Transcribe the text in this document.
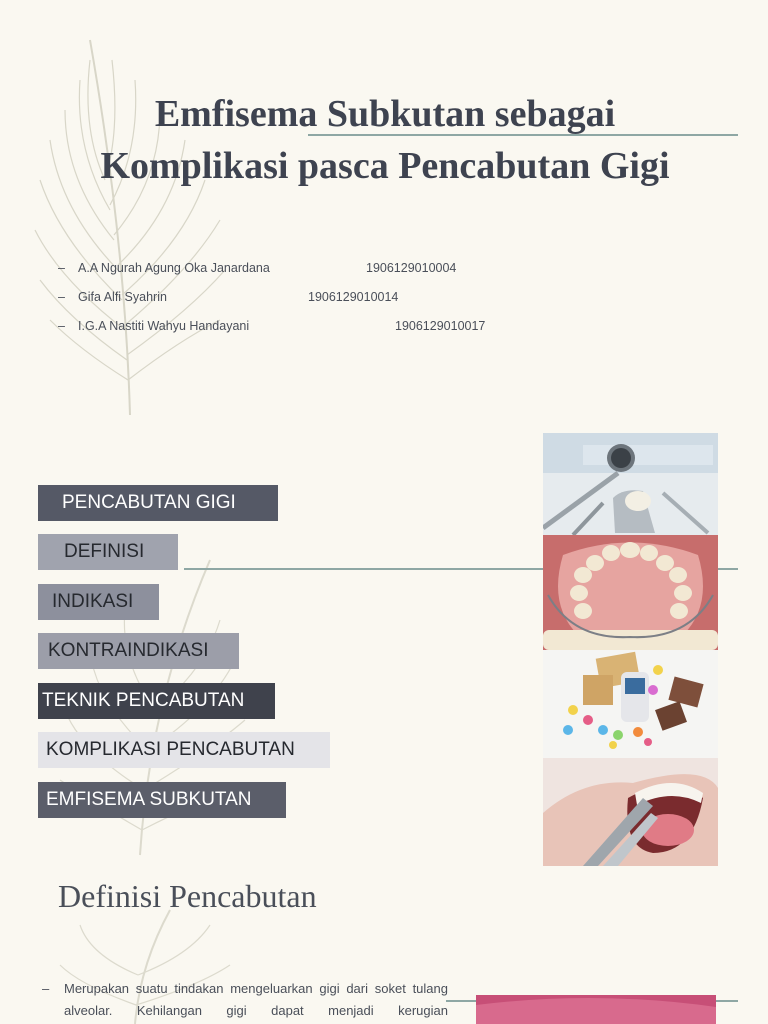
Emfisema Subkutan sebagai
Komplikasi pasca Pencabutan Gigi
– A.A Ngurah Agung Oka Janardana	1906129010004
– Gifa Alfi Syahrin	1906129010014
– I.G.A Nastiti Wahyu Handayani	1906129010017
PENCABUTAN GIGI
DEFINISI
INDIKASI
KONTRAINDIKASI
TEKNIK PENCABUTAN
KOMPLIKASI PENCABUTAN
EMFISEMA SUBKUTAN
Definisi Pencabutan
– Merupakan suatu tindakan mengeluarkan gigi dari soket tulang alveolar. Kehilangan gigi dapat menjadi kerugian
